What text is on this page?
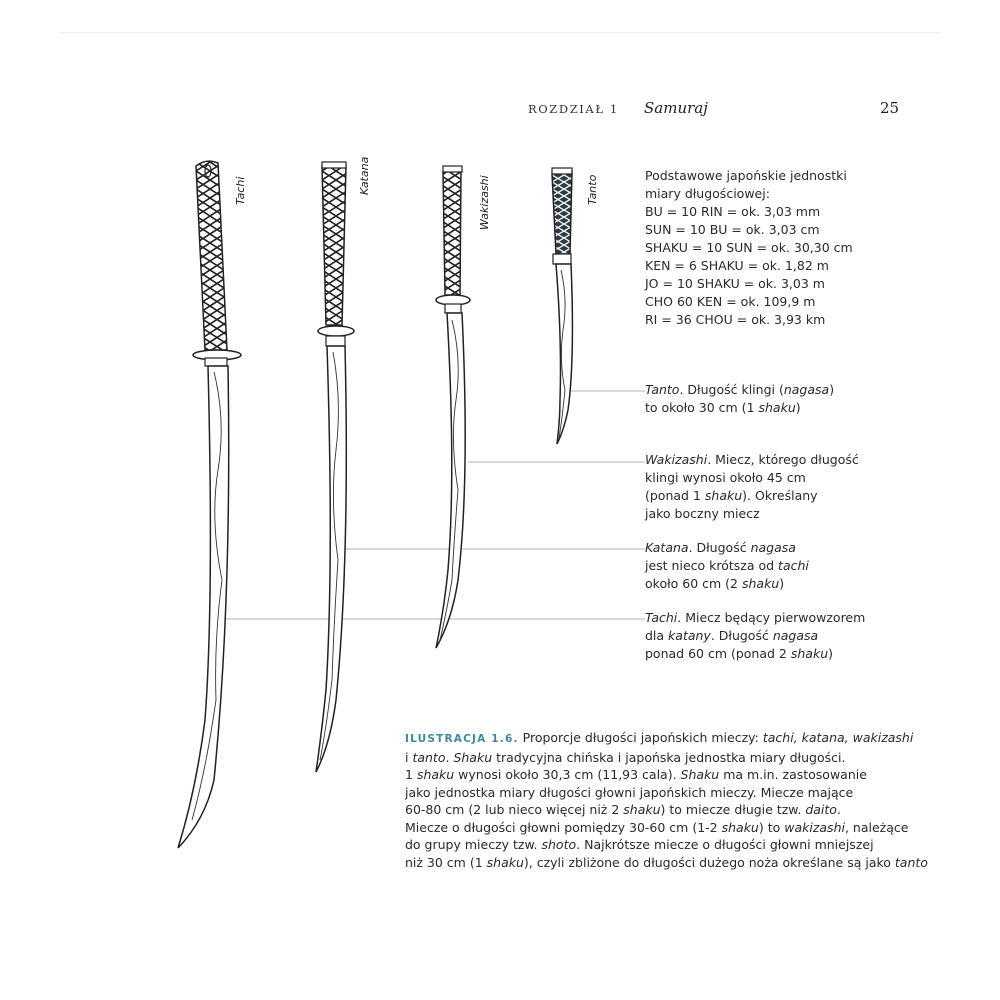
ROZDZIAŁ 1 Samuraj	25
Tachi	Katana	Wakizashi	Tanto	Podstawowe japońskie jednostki
miary długościowej:
BU = 10 RIN = ok. 3,03 mm
SUN = 10 BU = ok. 3,03 cm
SHAKU = 10 SUN = ok. 30,30 cm
KEN = 6 SHAKU = ok. 1,82 m
JO = 10 SHAKU = ok. 3,03 m
CHO 60 KEN = ok. 109,9 m
RI = 36 CHOU = ok. 3,93 km
Tanto. Długość klingi (nagasa)
to około 30 cm (1 shaku)
Wakizashi. Miecz, którego długość
klingi wynosi około 45 cm
(ponad 1 shaku). Określany
jako boczny miecz
Katana. Długość nagasa
jest nieco krótsza od tachi
około 60 cm (2 shaku)
Tachi. Miecz będący pierwowzorem
dla katany. Długość nagasa
ponad 60 cm (ponad 2 shaku)
ILUSTRACJA 1.6. Proporcje długości japońskich mieczy: tachi, katana, wakizashi
i tanto. Shaku tradycyjna chińska i japońska jednostka miary długości.
1 shaku wynosi około 30,3 cm (11,93 cala). Shaku ma m.in. zastosowanie
jako jednostka miary długości głowni japońskich mieczy. Miecze mające
60-80 cm (2 lub nieco więcej niż 2 shaku) to miecze długie tzw. daito.
Miecze o długości głowni pomiędzy 30-60 cm (1-2 shaku) to wakizashi, należące
do grupy mieczy tzw. shoto. Najkrótsze miecze o długości głowni mniejszej
niż 30 cm (1 shaku), czyli zbliżone do długości dużego noża określane są jako tanto
